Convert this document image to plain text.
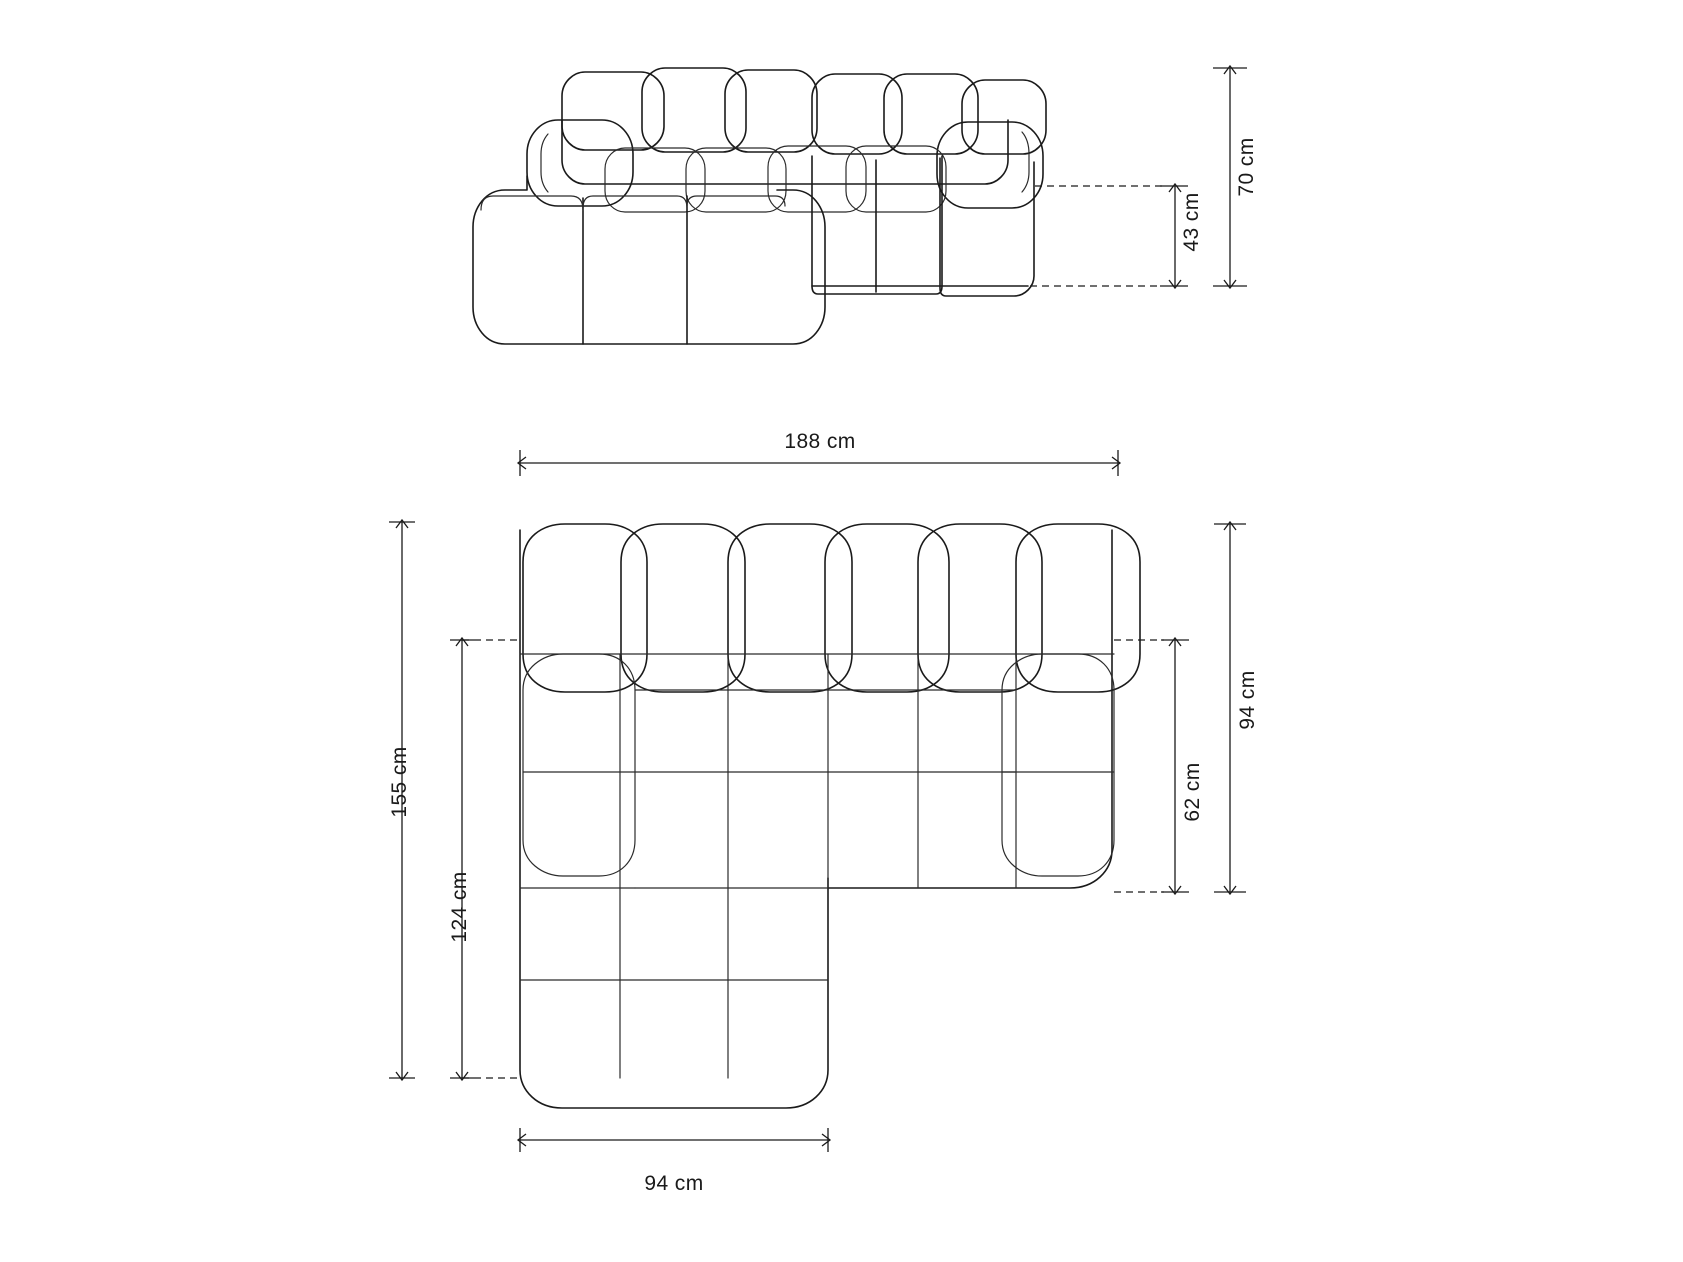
70 cm
43 cm
188 cm
155 cm
124 cm
94 cm
62 cm
94 cm
